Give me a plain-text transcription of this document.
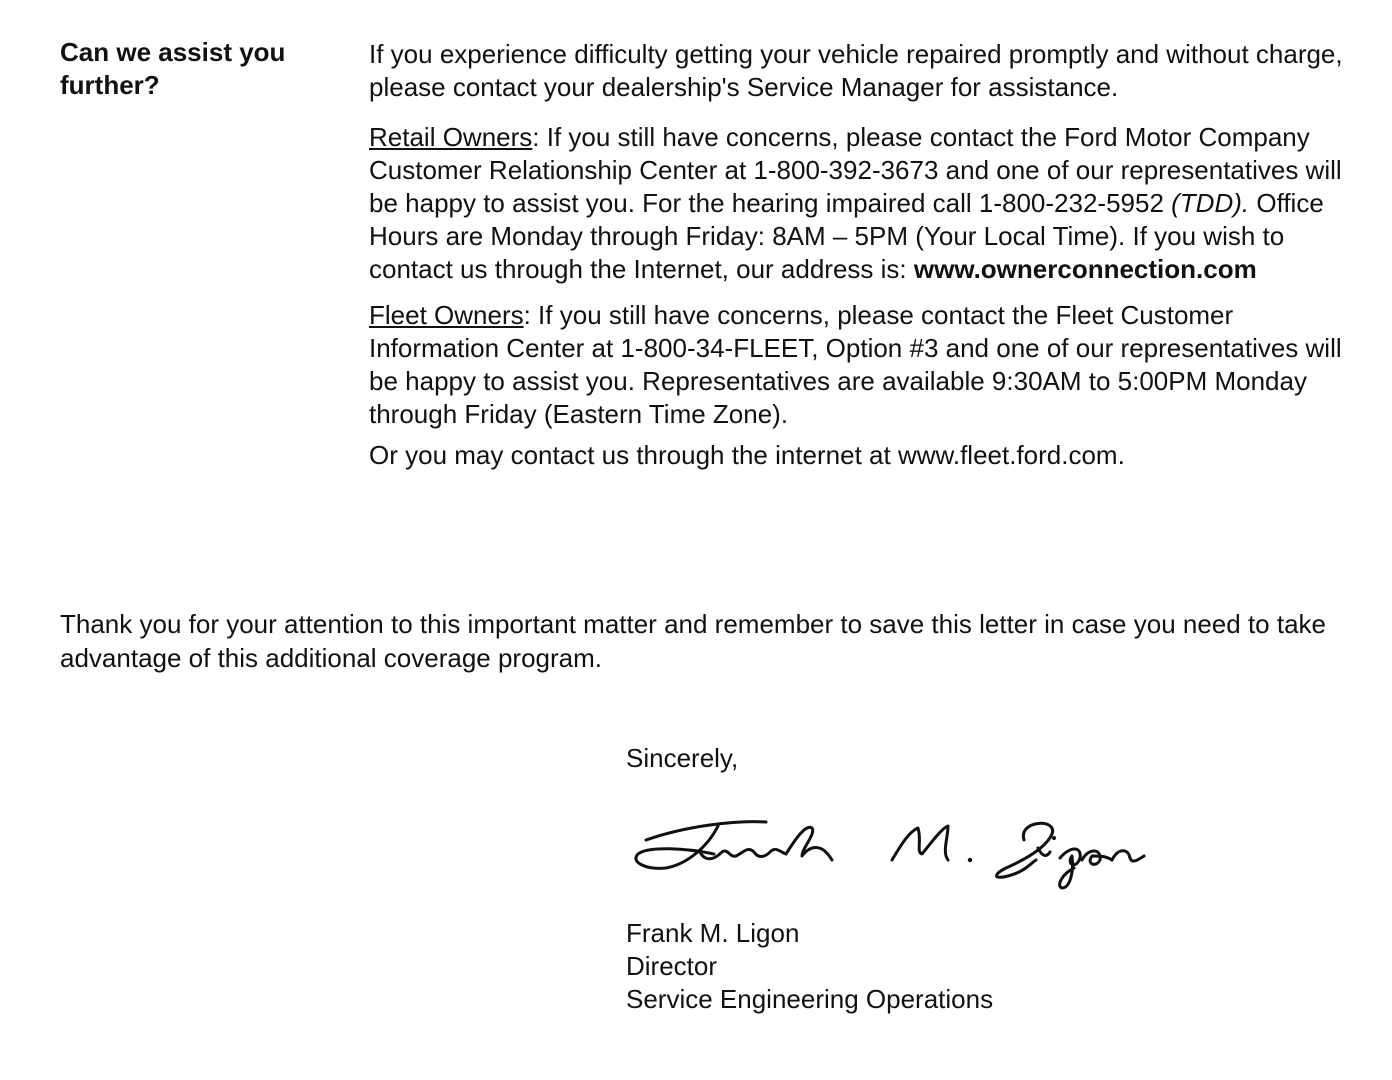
Can we assist you further?

If you experience difficulty getting your vehicle repaired promptly and without charge, please contact your dealership's Service Manager for assistance.

Retail Owners: If you still have concerns, please contact the Ford Motor Company Customer Relationship Center at 1-800-392-3673 and one of our representatives will be happy to assist you. For the hearing impaired call 1-800-232-5952 (TDD). Office Hours are Monday through Friday: 8AM – 5PM (Your Local Time). If you wish to contact us through the Internet, our address is: www.ownerconnection.com

Fleet Owners: If you still have concerns, please contact the Fleet Customer Information Center at 1-800-34-FLEET, Option #3 and one of our representatives will be happy to assist you. Representatives are available 9:30AM to 5:00PM Monday through Friday (Eastern Time Zone).

Or you may contact us through the internet at www.fleet.ford.com.

Thank you for your attention to this important matter and remember to save this letter in case you need to take advantage of this additional coverage program.

Sincerely,

Frank M. Ligon
Director
Service Engineering Operations
